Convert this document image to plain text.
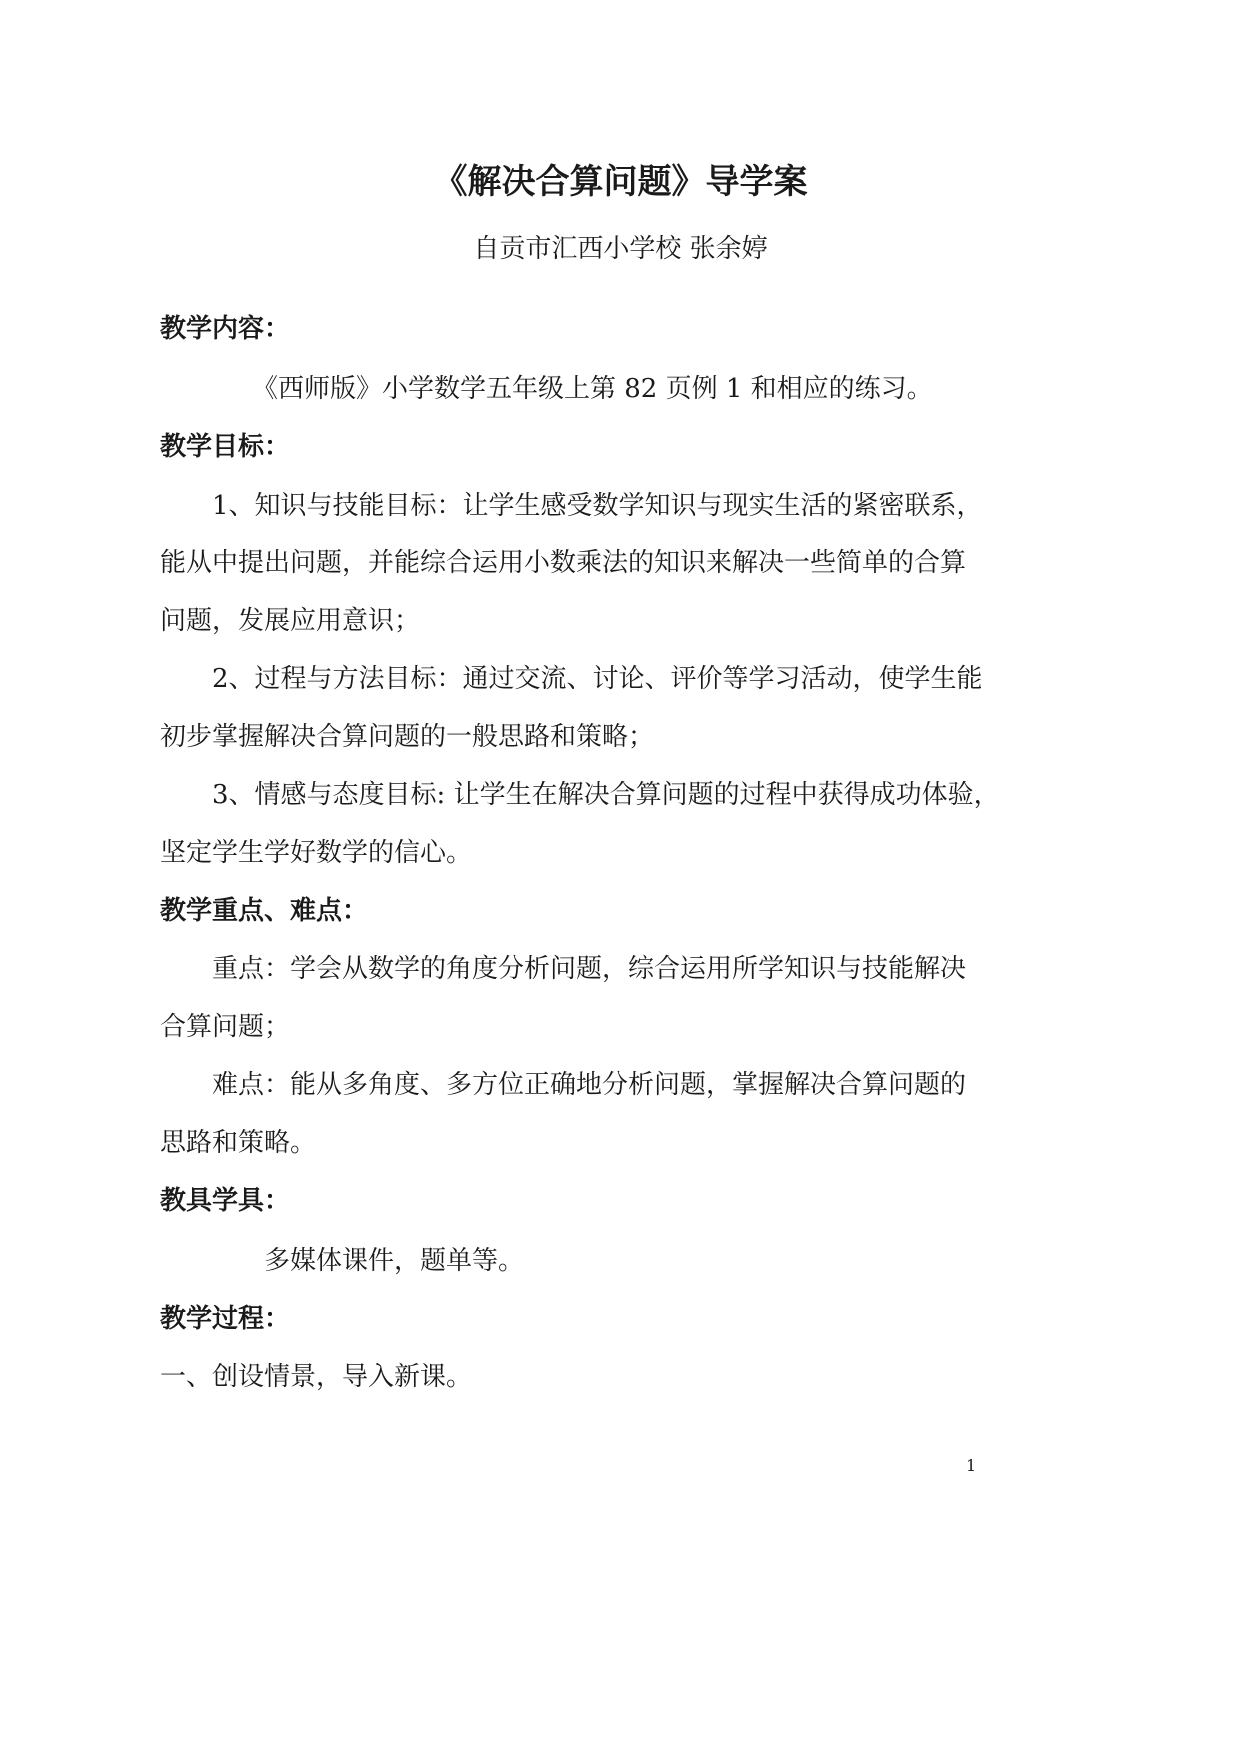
《解决合算问题》导学案
自贡市汇西小学校 张余婷
教学内容：
《西师版》小学数学五年级上第 82 页例 1 和相应的练习。
教学目标：
1、知识与技能目标：让学生感受数学知识与现实生活的紧密联系，
能从中提出问题，并能综合运用小数乘法的知识来解决一些简单的合算
问题，发展应用意识；
2、过程与方法目标：通过交流、讨论、评价等学习活动，使学生能
初步掌握解决合算问题的一般思路和策略；
3、情感与态度目标: 让学生在解决合算问题的过程中获得成功体验，
坚定学生学好数学的信心。
教学重点、难点：
重点：学会从数学的角度分析问题，综合运用所学知识与技能解决
合算问题；
难点：能从多角度、多方位正确地分析问题，掌握解决合算问题的
思路和策略。
教具学具：
多媒体课件，题单等。
教学过程：
一、创设情景，导入新课。
1
